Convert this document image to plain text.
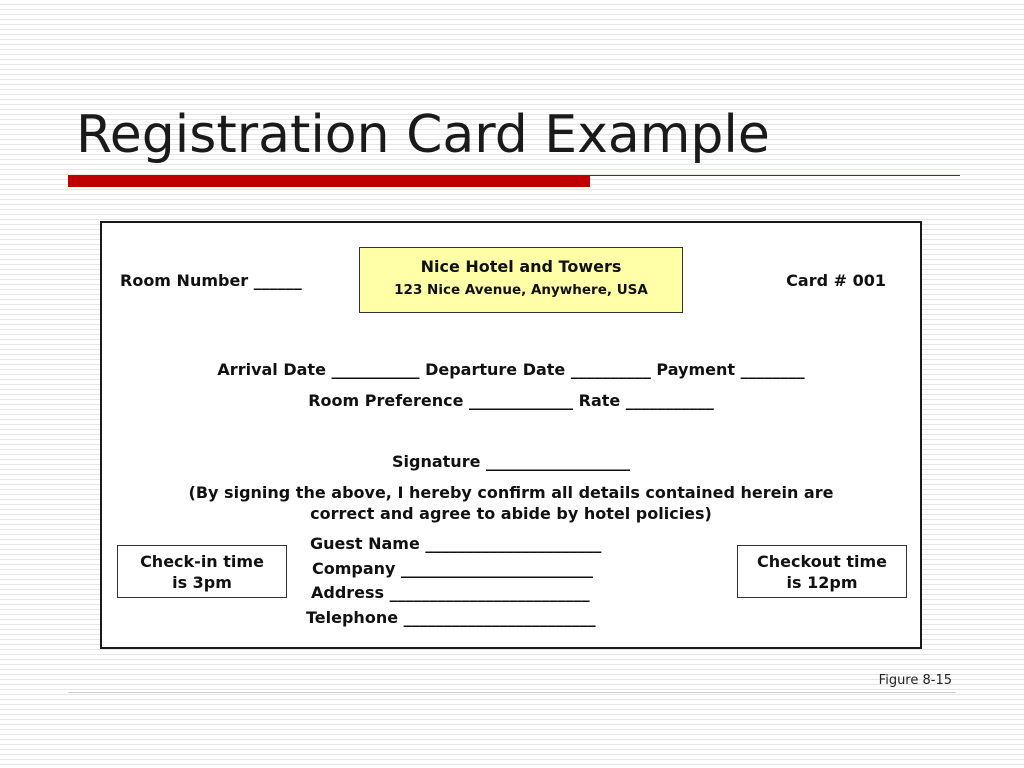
Registration Card Example

Room Number ______

Nice Hotel and Towers
123 Nice Avenue, Anywhere, USA	Card # 001

Arrival Date ___________ Departure Date __________ Payment ________

Room Preference _____________ Rate ___________

Signature __________________

(By signing the above, I hereby confirm all details contained herein are

correct and agree to abide by hotel policies)

Check-in time
is 3pm

Guest Name ______________________

Company ________________________

Address _________________________

Telephone ________________________

Checkout time
is 12pm
Figure 8-15
